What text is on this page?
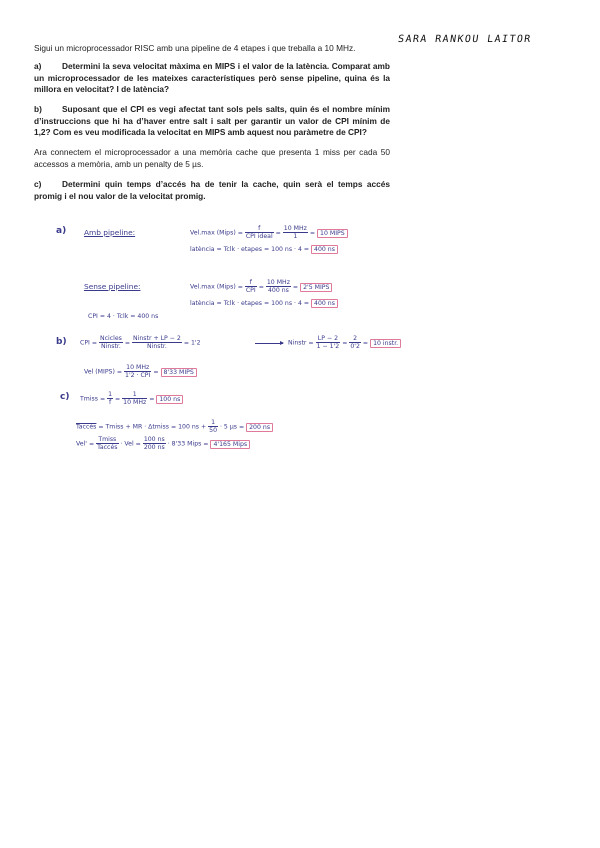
Sigui un microprocessador RISC amb una pipeline de 4 etapes i que treballa a 10 MHz.
a)	Determini la seva velocitat màxima en MIPS i el valor de la latència. Comparat amb un microprocessador de les mateixes característiques però sense pipeline, quina és la millora en velocitat? I de latència?
b)	Suposant que el CPI es vegi afectat tant sols pels salts, quin és el nombre mínim d’instruccions que hi ha d’haver entre salt i salt per garantir un valor de CPI mínim de 1,2? Com es veu modificada la velocitat en MIPS amb aquest nou paràmetre de CPI?
Ara connectem el microprocessador a una memòria cache que presenta 1 miss per cada 50 accessos a memòria, amb un penalty de 5 µs.
c)	Determini quin temps d’accés ha de tenir la cache, quin serà el temps accés promig i el nou valor de la velocitat promig.
SARA RANKOU LAITOR
a) Amb pipeline:	Vel.max (Mips) = $\frac{f}{\text{CPI ideal}} = \frac{\text{10 MHz}}{1} = 10$ MIPS
latència = Tclk · etapes = 100 ns · 4 = 400 ns
Sense pipeline:	Vel.max (Mips) = $\frac{f}{\text{CPI}} = \frac{\text{10 MHz}}{400 ns} = 2'5$ MIPS
latència = Tclk · etapes = 100 ns · 4 = 400 ns
CPI = 4 · Tclk = 400 ns
b) CPI = $\frac{\text{Ncicles}}{\text{Ninstr.}} = \frac{\text{Ninstr + LP − 2}}{\text{Ninstr.}} = 1'2$	Ninstr = $\frac{LP - 2}{1 - 1'2} = \frac{2}{0'2} = 10$ instr.
Vel (MIPS) = $\frac{\text{10 MHz}}{\text{1'2 · CPI}} = 8'33$ MIPS
c) Tmiss = $\frac{1}{f} = \frac{1}{\text{10 MHz}} = 100$ ns
Taccés = Tmiss + MR · Δtmiss = 100 ns + $\frac{1}{50} \cdot 5$ µs = 200 ns
$Vel' = \frac{\text{Tmiss}}{\text{Taccés}}$ · Vel = $\frac{100 ns}{200 ns} \cdot 8'33$ Mips = 4'165 Mips
